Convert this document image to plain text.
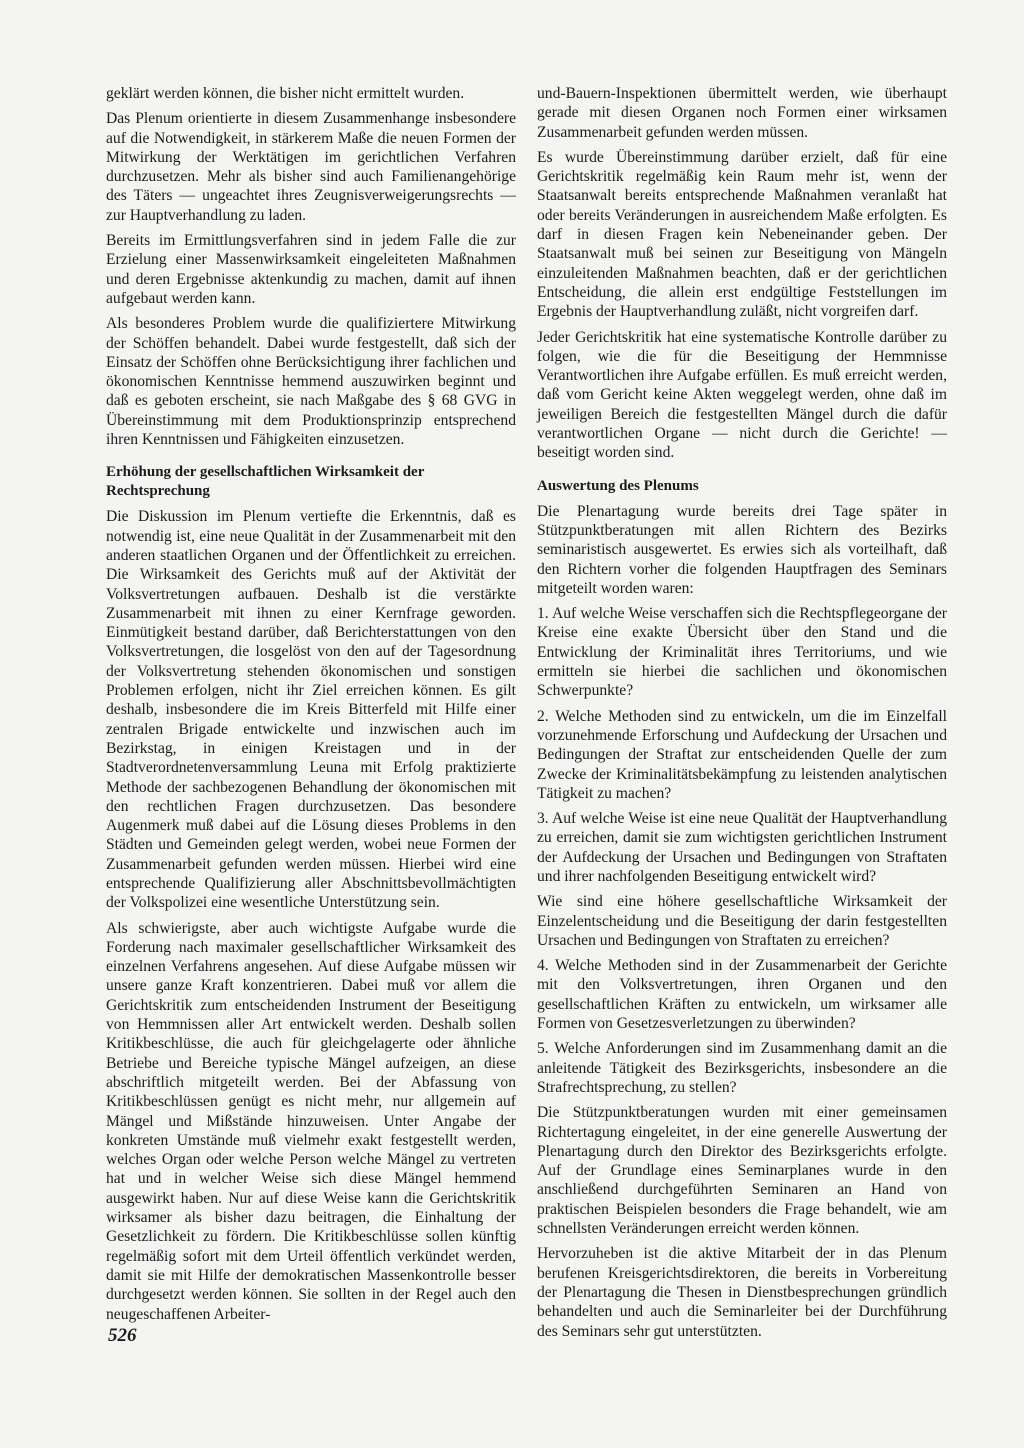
geklärt werden können, die bisher nicht ermittelt wurden.

Das Plenum orientierte in diesem Zusammenhange insbesondere auf die Notwendigkeit, in stärkerem Maße die neuen Formen der Mitwirkung der Werktätigen im gerichtlichen Verfahren durchzusetzen. Mehr als bisher sind auch Familienangehörige des Täters — ungeachtet ihres Zeugnisverweigerungsrechts — zur Hauptverhandlung zu laden.

Bereits im Ermittlungsverfahren sind in jedem Falle die zur Erzielung einer Massenwirksamkeit eingeleiteten Maßnahmen und deren Ergebnisse aktenkundig zu machen, damit auf ihnen aufgebaut werden kann.

Als besonderes Problem wurde die qualifiziertere Mitwirkung der Schöffen behandelt. Dabei wurde festgestellt, daß sich der Einsatz der Schöffen ohne Berücksichtigung ihrer fachlichen und ökonomischen Kenntnisse hemmend auszuwirken beginnt und daß es geboten erscheint, sie nach Maßgabe des § 68 GVG in Übereinstimmung mit dem Produktionsprinzip entsprechend ihren Kenntnissen und Fähigkeiten einzusetzen.

Erhöhung der gesellschaftlichen Wirksamkeit der Rechtsprechung

Die Diskussion im Plenum vertiefte die Erkenntnis, daß es notwendig ist, eine neue Qualität in der Zusammenarbeit mit den anderen staatlichen Organen und der Öffentlichkeit zu erreichen. Die Wirksamkeit des Gerichts muß auf der Aktivität der Volksvertretungen aufbauen. Deshalb ist die verstärkte Zusammenarbeit mit ihnen zu einer Kernfrage geworden. Einmütigkeit bestand darüber, daß Berichterstattungen von den Volksvertretungen, die losgelöst von den auf der Tagesordnung der Volksvertretung stehenden ökonomischen und sonstigen Problemen erfolgen, nicht ihr Ziel erreichen können. Es gilt deshalb, insbesondere die im Kreis Bitterfeld mit Hilfe einer zentralen Brigade entwickelte und inzwischen auch im Bezirkstag, in einigen Kreistagen und in der Stadtverordnetenversammlung Leuna mit Erfolg praktizierte Methode der sachbezogenen Behandlung der ökonomischen mit den rechtlichen Fragen durchzusetzen. Das besondere Augenmerk muß dabei auf die Lösung dieses Problems in den Städten und Gemeinden gelegt werden, wobei neue Formen der Zusammenarbeit gefunden werden müssen. Hierbei wird eine entsprechende Qualifizierung aller Abschnittsbevollmächtigten der Volkspolizei eine wesentliche Unterstützung sein.

Als schwierigste, aber auch wichtigste Aufgabe wurde die Forderung nach maximaler gesellschaftlicher Wirksamkeit des einzelnen Verfahrens angesehen. Auf diese Aufgabe müssen wir unsere ganze Kraft konzentrieren. Dabei muß vor allem die Gerichtskritik zum entscheidenden Instrument der Beseitigung von Hemmnissen aller Art entwickelt werden. Deshalb sollen Kritikbeschlüsse, die auch für gleichgelagerte oder ähnliche Betriebe und Bereiche typische Mängel aufzeigen, an diese abschriftlich mitgeteilt werden. Bei der Abfassung von Kritikbeschlüssen genügt es nicht mehr, nur allgemein auf Mängel und Mißstände hinzuweisen. Unter Angabe der konkreten Umstände muß vielmehr exakt festgestellt werden, welches Organ oder welche Person welche Mängel zu vertreten hat und in welcher Weise sich diese Mängel hemmend ausgewirkt haben. Nur auf diese Weise kann die Gerichtskritik wirksamer als bisher dazu beitragen, die Einhaltung der Gesetzlichkeit zu fördern. Die Kritikbeschlüsse sollen künftig regelmäßig sofort mit dem Urteil öffentlich verkündet werden, damit sie mit Hilfe der demokratischen Massenkontrolle besser durchgesetzt werden können. Sie sollten in der Regel auch den neugeschaffenen Arbeiter-

und-Bauern-Inspektionen übermittelt werden, wie überhaupt gerade mit diesen Organen noch Formen einer wirksamen Zusammenarbeit gefunden werden müssen.

Es wurde Übereinstimmung darüber erzielt, daß für eine Gerichtskritik regelmäßig kein Raum mehr ist, wenn der Staatsanwalt bereits entsprechende Maßnahmen veranlaßt hat oder bereits Veränderungen in ausreichendem Maße erfolgten. Es darf in diesen Fragen kein Nebeneinander geben. Der Staatsanwalt muß bei seinen zur Beseitigung von Mängeln einzuleitenden Maßnahmen beachten, daß er der gerichtlichen Entscheidung, die allein erst endgültige Feststellungen im Ergebnis der Hauptverhandlung zuläßt, nicht vorgreifen darf.

Jeder Gerichtskritik hat eine systematische Kontrolle darüber zu folgen, wie die für die Beseitigung der Hemmnisse Verantwortlichen ihre Aufgabe erfüllen. Es muß erreicht werden, daß vom Gericht keine Akten weggelegt werden, ohne daß im jeweiligen Bereich die festgestellten Mängel durch die dafür verantwortlichen Organe — nicht durch die Gerichte! — beseitigt worden sind.

Auswertung des Plenums

Die Plenartagung wurde bereits drei Tage später in Stützpunktberatungen mit allen Richtern des Bezirks seminaristisch ausgewertet. Es erwies sich als vorteilhaft, daß den Richtern vorher die folgenden Hauptfragen des Seminars mitgeteilt worden waren:

1. Auf welche Weise verschaffen sich die Rechtspflegeorgane der Kreise eine exakte Übersicht über den Stand und die Entwicklung der Kriminalität ihres Territoriums, und wie ermitteln sie hierbei die sachlichen und ökonomischen Schwerpunkte?

2. Welche Methoden sind zu entwickeln, um die im Einzelfall vorzunehmende Erforschung und Aufdeckung der Ursachen und Bedingungen der Straftat zur entscheidenden Quelle der zum Zwecke der Kriminalitätsbekämpfung zu leistenden analytischen Tätigkeit zu machen?

3. Auf welche Weise ist eine neue Qualität der Hauptverhandlung zu erreichen, damit sie zum wichtigsten gerichtlichen Instrument der Aufdeckung der Ursachen und Bedingungen von Straftaten und ihrer nachfolgenden Beseitigung entwickelt wird?

Wie sind eine höhere gesellschaftliche Wirksamkeit der Einzelentscheidung und die Beseitigung der darin festgestellten Ursachen und Bedingungen von Straftaten zu erreichen?

4. Welche Methoden sind in der Zusammenarbeit der Gerichte mit den Volksvertretungen, ihren Organen und den gesellschaftlichen Kräften zu entwickeln, um wirksamer alle Formen von Gesetzesverletzungen zu überwinden?

5. Welche Anforderungen sind im Zusammenhang damit an die anleitende Tätigkeit des Bezirksgerichts, insbesondere an die Strafrechtsprechung, zu stellen?

Die Stützpunktberatungen wurden mit einer gemeinsamen Richtertagung eingeleitet, in der eine generelle Auswertung der Plenartagung durch den Direktor des Bezirksgerichts erfolgte. Auf der Grundlage eines Seminarplanes wurde in den anschließend durchgeführten Seminaren an Hand von praktischen Beispielen besonders die Frage behandelt, wie am schnellsten Veränderungen erreicht werden können.

Hervorzuheben ist die aktive Mitarbeit der in das Plenum berufenen Kreisgerichtsdirektoren, die bereits in Vorbereitung der Plenartagung die Thesen in Dienstbesprechungen gründlich behandelten und auch die Seminarleiter bei der Durchführung des Seminars sehr gut unterstützten.

526
